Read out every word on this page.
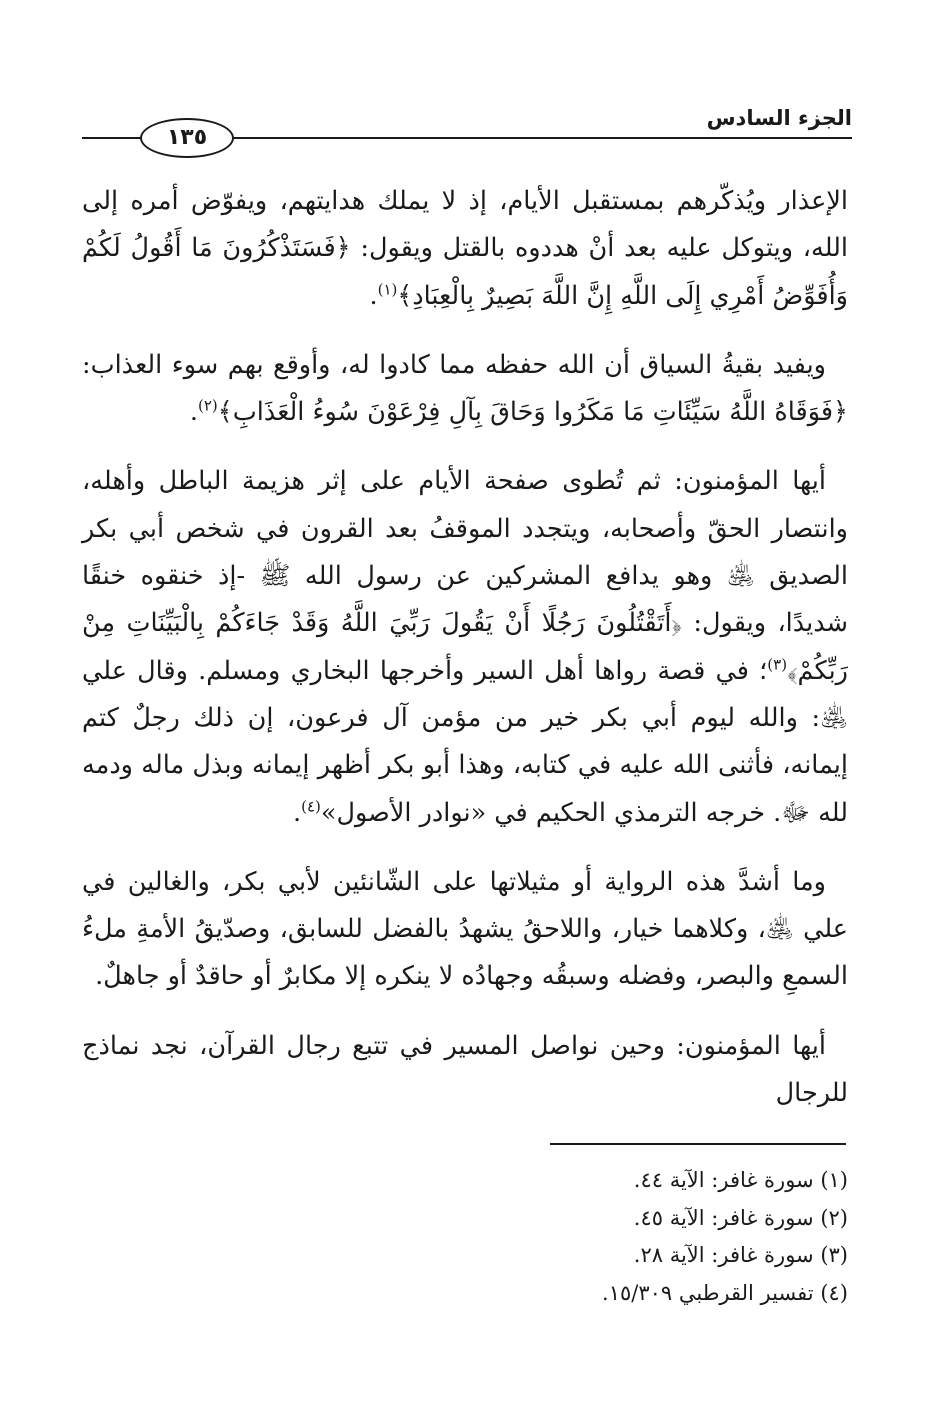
١٣٥
الجزء السادس

الإعذار ويُذكّرهم بمستقبل الأيام، إذ لا يملك هدايتهم، ويفوّض أمره إلى الله، ويتوكل عليه بعد أنْ هددوه بالقتل ويقول: ﴿فَسَتَذْكُرُونَ مَا أَقُولُ لَكُمْ وَأُفَوِّضُ أَمْرِي إِلَى اللَّهِ إِنَّ اللَّهَ بَصِيرٌ بِالْعِبَادِ﴾$^{(١)}$.

ويفيد بقيةُ السياق أن الله حفظه مما كادوا له، وأوقع بهم سوء العذاب: ﴿فَوَقَاهُ اللَّهُ سَيِّئَاتِ مَا مَكَرُوا وَحَاقَ بِآلِ فِرْعَوْنَ سُوءُ الْعَذَابِ﴾$^{(٢)}$.

أيها المؤمنون: ثم تُطوى صفحة الأيام على إثر هزيمة الباطل وأهله، وانتصار الحقّ وأصحابه، ويتجدد الموقفُ بعد القرون في شخص أبي بكر الصديق ﵁ وهو يدافع المشركين عن رسول الله ﷺ -إذ خنقوه خنقًا شديدًا، ويقول: ﴿أَتَقْتُلُونَ رَجُلًا أَنْ يَقُولَ رَبِّيَ اللَّهُ وَقَدْ جَاءَكُمْ بِالْبَيِّنَاتِ مِنْ رَبِّكُمْ﴾$^{(٣)}$؛ في قصة رواها أهل السير وأخرجها البخاري ومسلم. وقال علي ﵁: والله ليوم أبي بكر خير من مؤمن آل فرعون، إن ذلك رجلٌ كتم إيمانه، فأثنى الله عليه في كتابه، وهذا أبو بكر أظهر إيمانه وبذل ماله ودمه لله ﷻ. خرجه الترمذي الحكيم في «نوادر الأصول»$^{(٤)}$.

وما أشدَّ هذه الرواية أو مثيلاتها على الشّانئين لأبي بكر، والغالين في علي ﵁، وكلاهما خيار، واللاحقُ يشهدُ بالفضل للسابق، وصدّيقُ الأمةِ ملءُ السمعِ والبصر، وفضله وسبقُه وجهادُه لا ينكره إلا مكابرٌ أو حاقدٌ أو جاهلٌ.

أيها المؤمنون: وحين نواصل المسير في تتبع رجال القرآن، نجد نماذج للرجال

(١) سورة غافر: الآية ٤٤.
(٢) سورة غافر: الآية ٤٥.
(٣) سورة غافر: الآية ٢٨.
(٤) تفسير القرطبي ١٥/٣٠٩.
